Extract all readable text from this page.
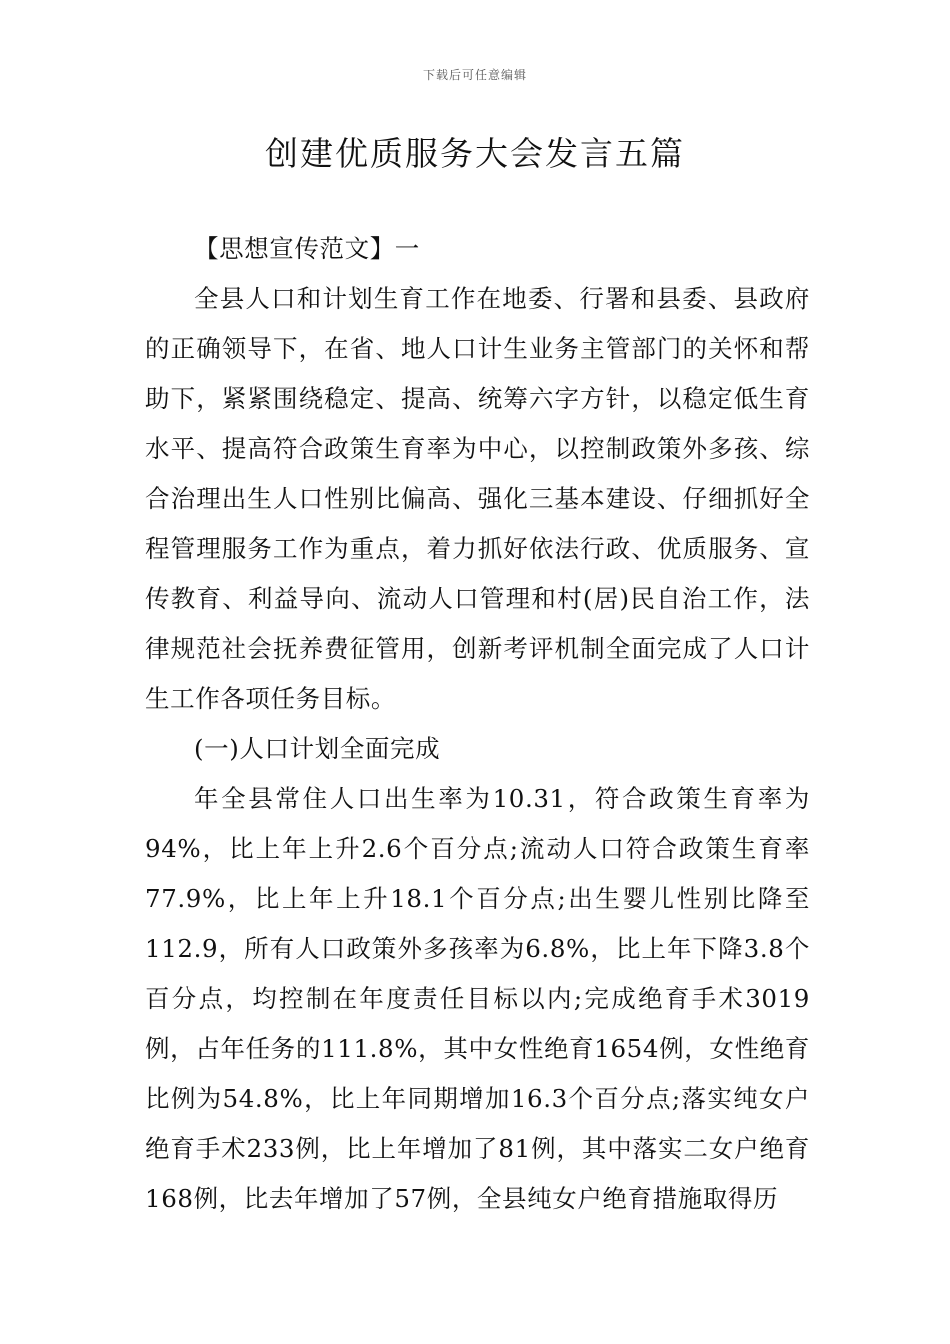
下载后可任意编辑
创建优质服务大会发言五篇

【思想宣传范文】一

全县人口和计划生育工作在地委、行署和县委、县政府的正确领导下，在省、地人口计生业务主管部门的关怀和帮助下，紧紧围绕稳定、提高、统筹六字方针，以稳定低生育水平、提高符合政策生育率为中心，以控制政策外多孩、综合治理出生人口性别比偏高、强化三基本建设、仔细抓好全程管理服务工作为重点，着力抓好依法行政、优质服务、宣传教育、利益导向、流动人口管理和村(居)民自治工作，法律规范社会抚养费征管用，创新考评机制全面完成了人口计生工作各项任务目标。

(一)人口计划全面完成

年全县常住人口出生率为10.31，符合政策生育率为94%，比上年上升2.6个百分点;流动人口符合政策生育率77.9%，比上年上升18.1个百分点;出生婴儿性别比降至112.9，所有人口政策外多孩率为6.8%，比上年下降3.8个百分点，均控制在年度责任目标以内;完成绝育手术3019例，占年任务的111.8%，其中女性绝育1654例，女性绝育比例为54.8%，比上年同期增加16.3个百分点;落实纯女户绝育手术233例，比上年增加了81例，其中落实二女户绝育168例，比去年增加了57例，全县纯女户绝育措施取得历
